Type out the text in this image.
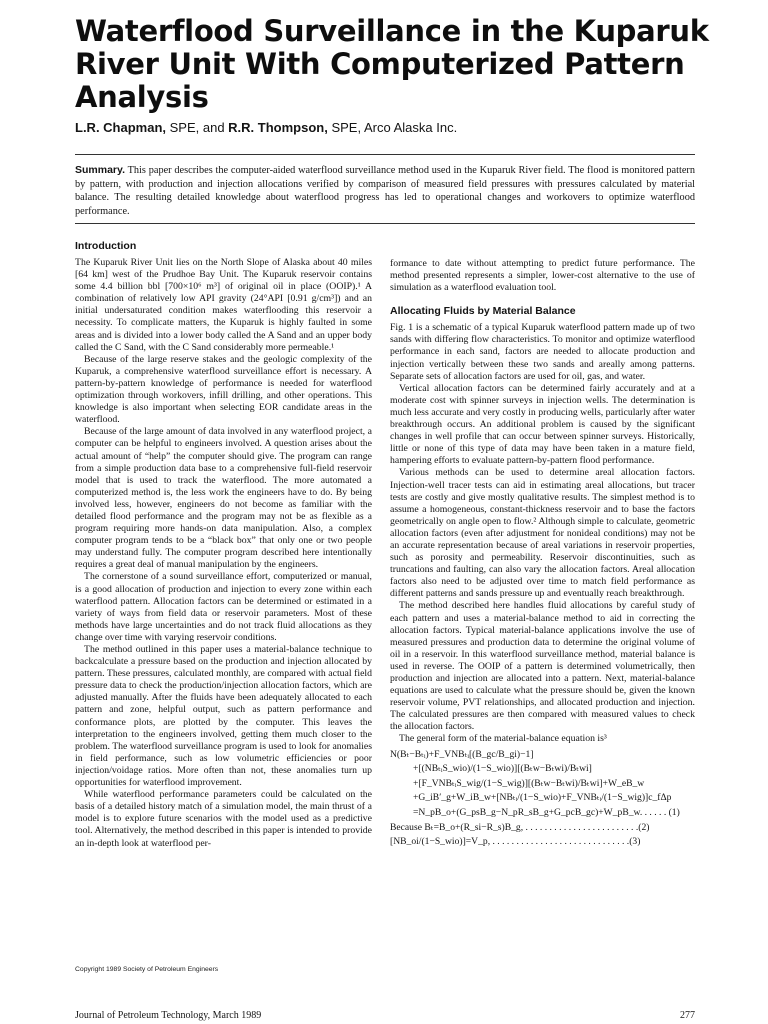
Waterflood Surveillance in the Kuparuk River Unit With Computerized Pattern Analysis

L.R. Chapman, SPE, and R.R. Thompson, SPE, Arco Alaska Inc.

Summary. This paper describes the computer-aided waterflood surveillance method used in the Kuparuk River field. The flood is monitored pattern by pattern, with production and injection allocations verified by comparison of measured field pressures with pressures calculated by material balance. The resulting detailed knowledge about waterflood progress has led to operational changes and workovers to optimize waterflood performance.

Introduction

The Kuparuk River Unit lies on the North Slope of Alaska about 40 miles [64 km] west of the Prudhoe Bay Unit. The Kuparuk reservoir contains some 4.4 billion bbl [700×10⁶ m³] of original oil in place (OOIP).¹ A combination of relatively low API gravity (24°API [0.91 g/cm³]) and an initial undersaturated condition makes waterflooding this reservoir a necessity. To complicate matters, the Kuparuk is highly faulted in some areas and is divided into a lower body called the A Sand and an upper body called the C Sand, with the C Sand considerably more permeable.¹

Because of the large reserve stakes and the geologic complexity of the Kuparuk, a comprehensive waterflood surveillance effort is necessary. A pattern-by-pattern knowledge of performance is needed for waterflood optimization through workovers, infill drilling, and other operations. This knowledge is also important when selecting EOR candidate areas in the waterflood.

Because of the large amount of data involved in any waterflood project, a computer can be helpful to engineers involved. A question arises about the actual amount of “help” the computer should give. The program can range from a simple production data base to a comprehensive full-field reservoir model that is used to track the waterflood. The more automated a computerized method is, the less work the engineers have to do. By being involved less, however, engineers do not become as familiar with the detailed flood performance and the program may not be as flexible as a program requiring more hands-on data manipulation. Also, a complex computer program tends to be a “black box” that only one or two people may understand fully. The computer program described here intentionally requires a great deal of manual manipulation by the engineers.

The cornerstone of a sound surveillance effort, computerized or manual, is a good allocation of production and injection to every zone within each waterflood pattern. Allocation factors can be determined or estimated in a variety of ways from field data or reservoir parameters. Most of these methods have large uncertainties and do not track fluid allocations as they change over time with varying reservoir conditions.

The method outlined in this paper uses a material-balance technique to backcalculate a pressure based on the production and injection allocated by pattern. These pressures, calculated monthly, are compared with actual field pressure data to check the production/injection allocation factors, which are adjusted manually. After the fluids have been adequately allocated to each pattern and zone, helpful output, such as pattern performance and conformance plots, are plotted by the computer. This leaves the interpretation to the engineers involved, getting them much closer to the problem. The waterflood surveillance program is used to look for anomalies in field performance, such as low volumetric efficiencies or poor injection/voidage ratios. More often than not, these anomalies turn up opportunities for waterflood improvement.

While waterflood performance parameters could be calculated on the basis of a detailed history match of a simulation model, the main thrust of a model is to explore future scenarios with the model used as a predictive tool. Alternatively, the method described in this paper is intended to provide an in-depth look at waterflood per-

formance to date without attempting to predict future performance. The method presented represents a simpler, lower-cost alternative to the use of simulation as a waterflood evaluation tool.

Allocating Fluids by Material Balance

Fig. 1 is a schematic of a typical Kuparuk waterflood pattern made up of two sands with differing flow characteristics. To monitor and optimize waterflood performance in each sand, factors are needed to allocate production and injection vertically between these two sands and areally among patterns. Separate sets of allocation factors are used for oil, gas, and water.

Vertical allocation factors can be determined fairly accurately and at a moderate cost with spinner surveys in injection wells. The determination is much less accurate and very costly in producing wells, particularly after water breakthrough occurs. An additional problem is caused by the significant changes in well profile that can occur between spinner surveys. Historically, little or none of this type of data may have been taken in a mature field, hampering efforts to evaluate pattern-by-pattern flood performance.

Various methods can be used to determine areal allocation factors. Injection-well tracer tests can aid in estimating areal allocations, but tracer tests are costly and give mostly qualitative results. The simplest method is to assume a homogeneous, constant-thickness reservoir and to base the factors geometrically on angle open to flow.² Although simple to calculate, geometric allocation factors (even after adjustment for nonideal conditions) may not be an accurate representation because of areal variations in reservoir properties, such as porosity and permeability. Reservoir discontinuities, such as truncations and faulting, can also vary the allocation factors. Areal allocation factors also need to be adjusted over time to match field performance as different patterns and sands pressure up and eventually reach breakthrough.

The method described here handles fluid allocations by careful study of each pattern and uses a material-balance method to aid in correcting the allocation factors. Typical material-balance applications involve the use of measured pressures and production data to determine the original volume of oil in a reservoir. In this waterflood surveillance method, material balance is used in reverse. The OOIP of a pattern is determined volumetrically, then production and injection are allocated into a pattern. Next, material-balance equations are used to calculate what the pressure should be, given the known reservoir volume, PVT relationships, and allocated production and injection. The calculated pressures are then compared with measured values to check the allocation factors.

The general form of the material-balance equation is³

N(Bₜ−Bₜᵢ)+F_VNBₜᵢ[(B_gc/B_gi)−1]
+[(NBₜᵢS_wio)/(1−S_wio)][(Bₜw−Bₜwi)/Bₜwi]
+[F_VNBₜᵢS_wig/(1−S_wig)][(Bₜw−Bₜwi)/Bₜwi]+W_eB_w
+G_iB′_g+W_iB_w+[NBₜᵢ/(1−S_wio)+F_VNBₜᵢ/(1−S_wig)]c_fΔp
=N_pB_o+(G_psB_g−N_pR_sB_g+G_pcB_gc)+W_pB_w. . . . . . (1)
Because Bₜ=B_o+(R_si−R_s)B_g, . . . . . . . . . . . . . . . . . . . . . . . .(2)
[NB_oi/(1−S_wio)]=V_p, . . . . . . . . . . . . . . . . . . . . . . . . . . . . .(3)
Copyright 1989 Society of Petroleum Engineers
Journal of Petroleum Technology, March 1989	277
